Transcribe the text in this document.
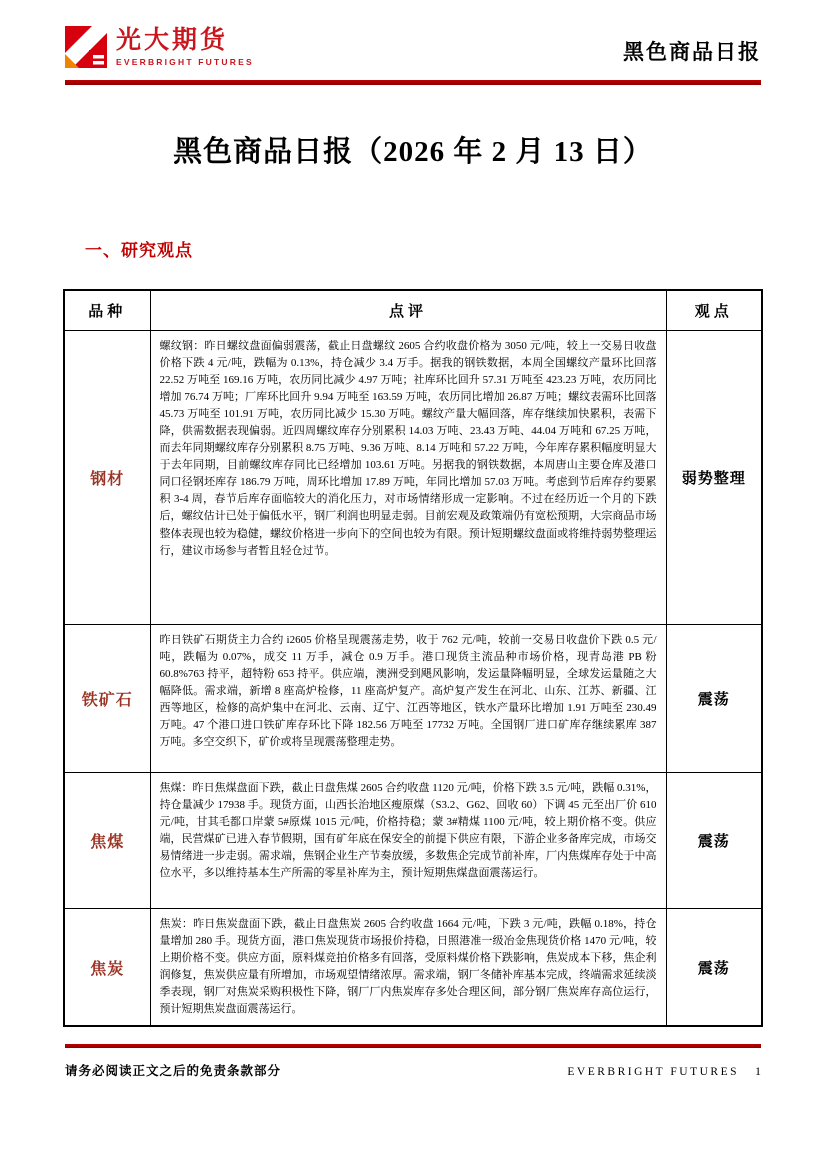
光大期货
EVERBRIGHT FUTURES	黑色商品日报
黑色商品日报（2026 年 2 月 13 日）
一、研究观点
品种	点评	观点
钢材	螺纹钢：昨日螺纹盘面偏弱震荡，截止日盘螺纹 2605 合约收盘价格为 3050 元/吨，较上一交易日收盘价格下跌 4 元/吨，跌幅为 0.13%，持仓减少 3.4 万手。据我的钢铁数据，本周全国螺纹产量环比回落 22.52 万吨至 169.16 万吨，农历同比减少 4.97 万吨；社库环比回升 57.31 万吨至 423.23 万吨，农历同比增加 76.74 万吨；厂库环比回升 9.94 万吨至 163.59 万吨，农历同比增加 26.87 万吨；螺纹表需环比回落 45.73 万吨至 101.91 万吨，农历同比减少 15.30 万吨。螺纹产量大幅回落，库存继续加快累积，表需下降，供需数据表现偏弱。近四周螺纹库存分别累积 14.03 万吨、23.43 万吨、44.04 万吨和 67.25 万吨，而去年同期螺纹库存分别累积 8.75 万吨、9.36 万吨、8.14 万吨和 57.22 万吨，今年库存累积幅度明显大于去年同期，目前螺纹库存同比已经增加 103.61 万吨。另据我的钢铁数据，本周唐山主要仓库及港口同口径钢坯库存 186.79 万吨，周环比增加 17.89 万吨，年同比增加 57.03 万吨。考虑到节后库存约要累积 3-4 周，春节后库存面临较大的消化压力，对市场情绪形成一定影响。不过在经历近一个月的下跌后，螺纹估计已处于偏低水平，钢厂利润也明显走弱。目前宏观及政策端仍有宽松预期，大宗商品市场整体表现也较为稳健，螺纹价格进一步向下的空间也较为有限。预计短期螺纹盘面或将维持弱势整理运行，建议市场参与者暂且轻仓过节。	弱势整理
铁矿石	昨日铁矿石期货主力合约 i2605 价格呈现震荡走势，收于 762 元/吨，较前一交易日收盘价下跌 0.5 元/吨，跌幅为 0.07%，成交 11 万手，减仓 0.9 万手。港口现货主流品种市场价格，现青岛港 PB 粉 60.8%763 持平，超特粉 653 持平。供应端，澳洲受到飓风影响，发运量降幅明显，全球发运量随之大幅降低。需求端，新增 8 座高炉检修，11 座高炉复产。高炉复产发生在河北、山东、江苏、新疆、江西等地区，检修的高炉集中在河北、云南、辽宁、江西等地区，铁水产量环比增加 1.91 万吨至 230.49 万吨。47 个港口进口铁矿库存环比下降 182.56 万吨至 17732 万吨。全国钢厂进口矿库存继续累库 387 万吨。多空交织下，矿价或将呈现震荡整理走势。	震荡
焦煤	焦煤：昨日焦煤盘面下跌，截止日盘焦煤 2605 合约收盘 1120 元/吨，价格下跌 3.5 元/吨，跌幅 0.31%，持仓量减少 17938 手。现货方面，山西长治地区瘦原煤（S3.2、G62、回收 60）下调 45 元至出厂价 610 元/吨，甘其毛都口岸蒙 5#原煤 1015 元/吨，价格持稳；蒙 3#精煤 1100 元/吨，较上期价格不变。供应端，民营煤矿已进入春节假期，国有矿年底在保安全的前提下供应有限，下游企业多备库完成，市场交易情绪进一步走弱。需求端，焦钢企业生产节奏放缓，多数焦企完成节前补库，厂内焦煤库存处于中高位水平，多以维持基本生产所需的零星补库为主，预计短期焦煤盘面震荡运行。	震荡
焦炭	焦炭：昨日焦炭盘面下跌，截止日盘焦炭 2605 合约收盘 1664 元/吨，下跌 3 元/吨，跌幅 0.18%，持仓量增加 280 手。现货方面，港口焦炭现货市场报价持稳，日照港准一级冶金焦现货价格 1470 元/吨，较上期价格不变。供应方面，原料煤竞拍价格多有回落，受原料煤价格下跌影响，焦炭成本下移，焦企利润修复，焦炭供应量有所增加，市场观望情绪浓厚。需求端，钢厂冬储补库基本完成，终端需求延续淡季表现，钢厂对焦炭采购积极性下降，钢厂厂内焦炭库存多处合理区间，部分钢厂焦炭库存高位运行，预计短期焦炭盘面震荡运行。	震荡
请务必阅读正文之后的免责条款部分	EVERBRIGHT FUTURES 1
